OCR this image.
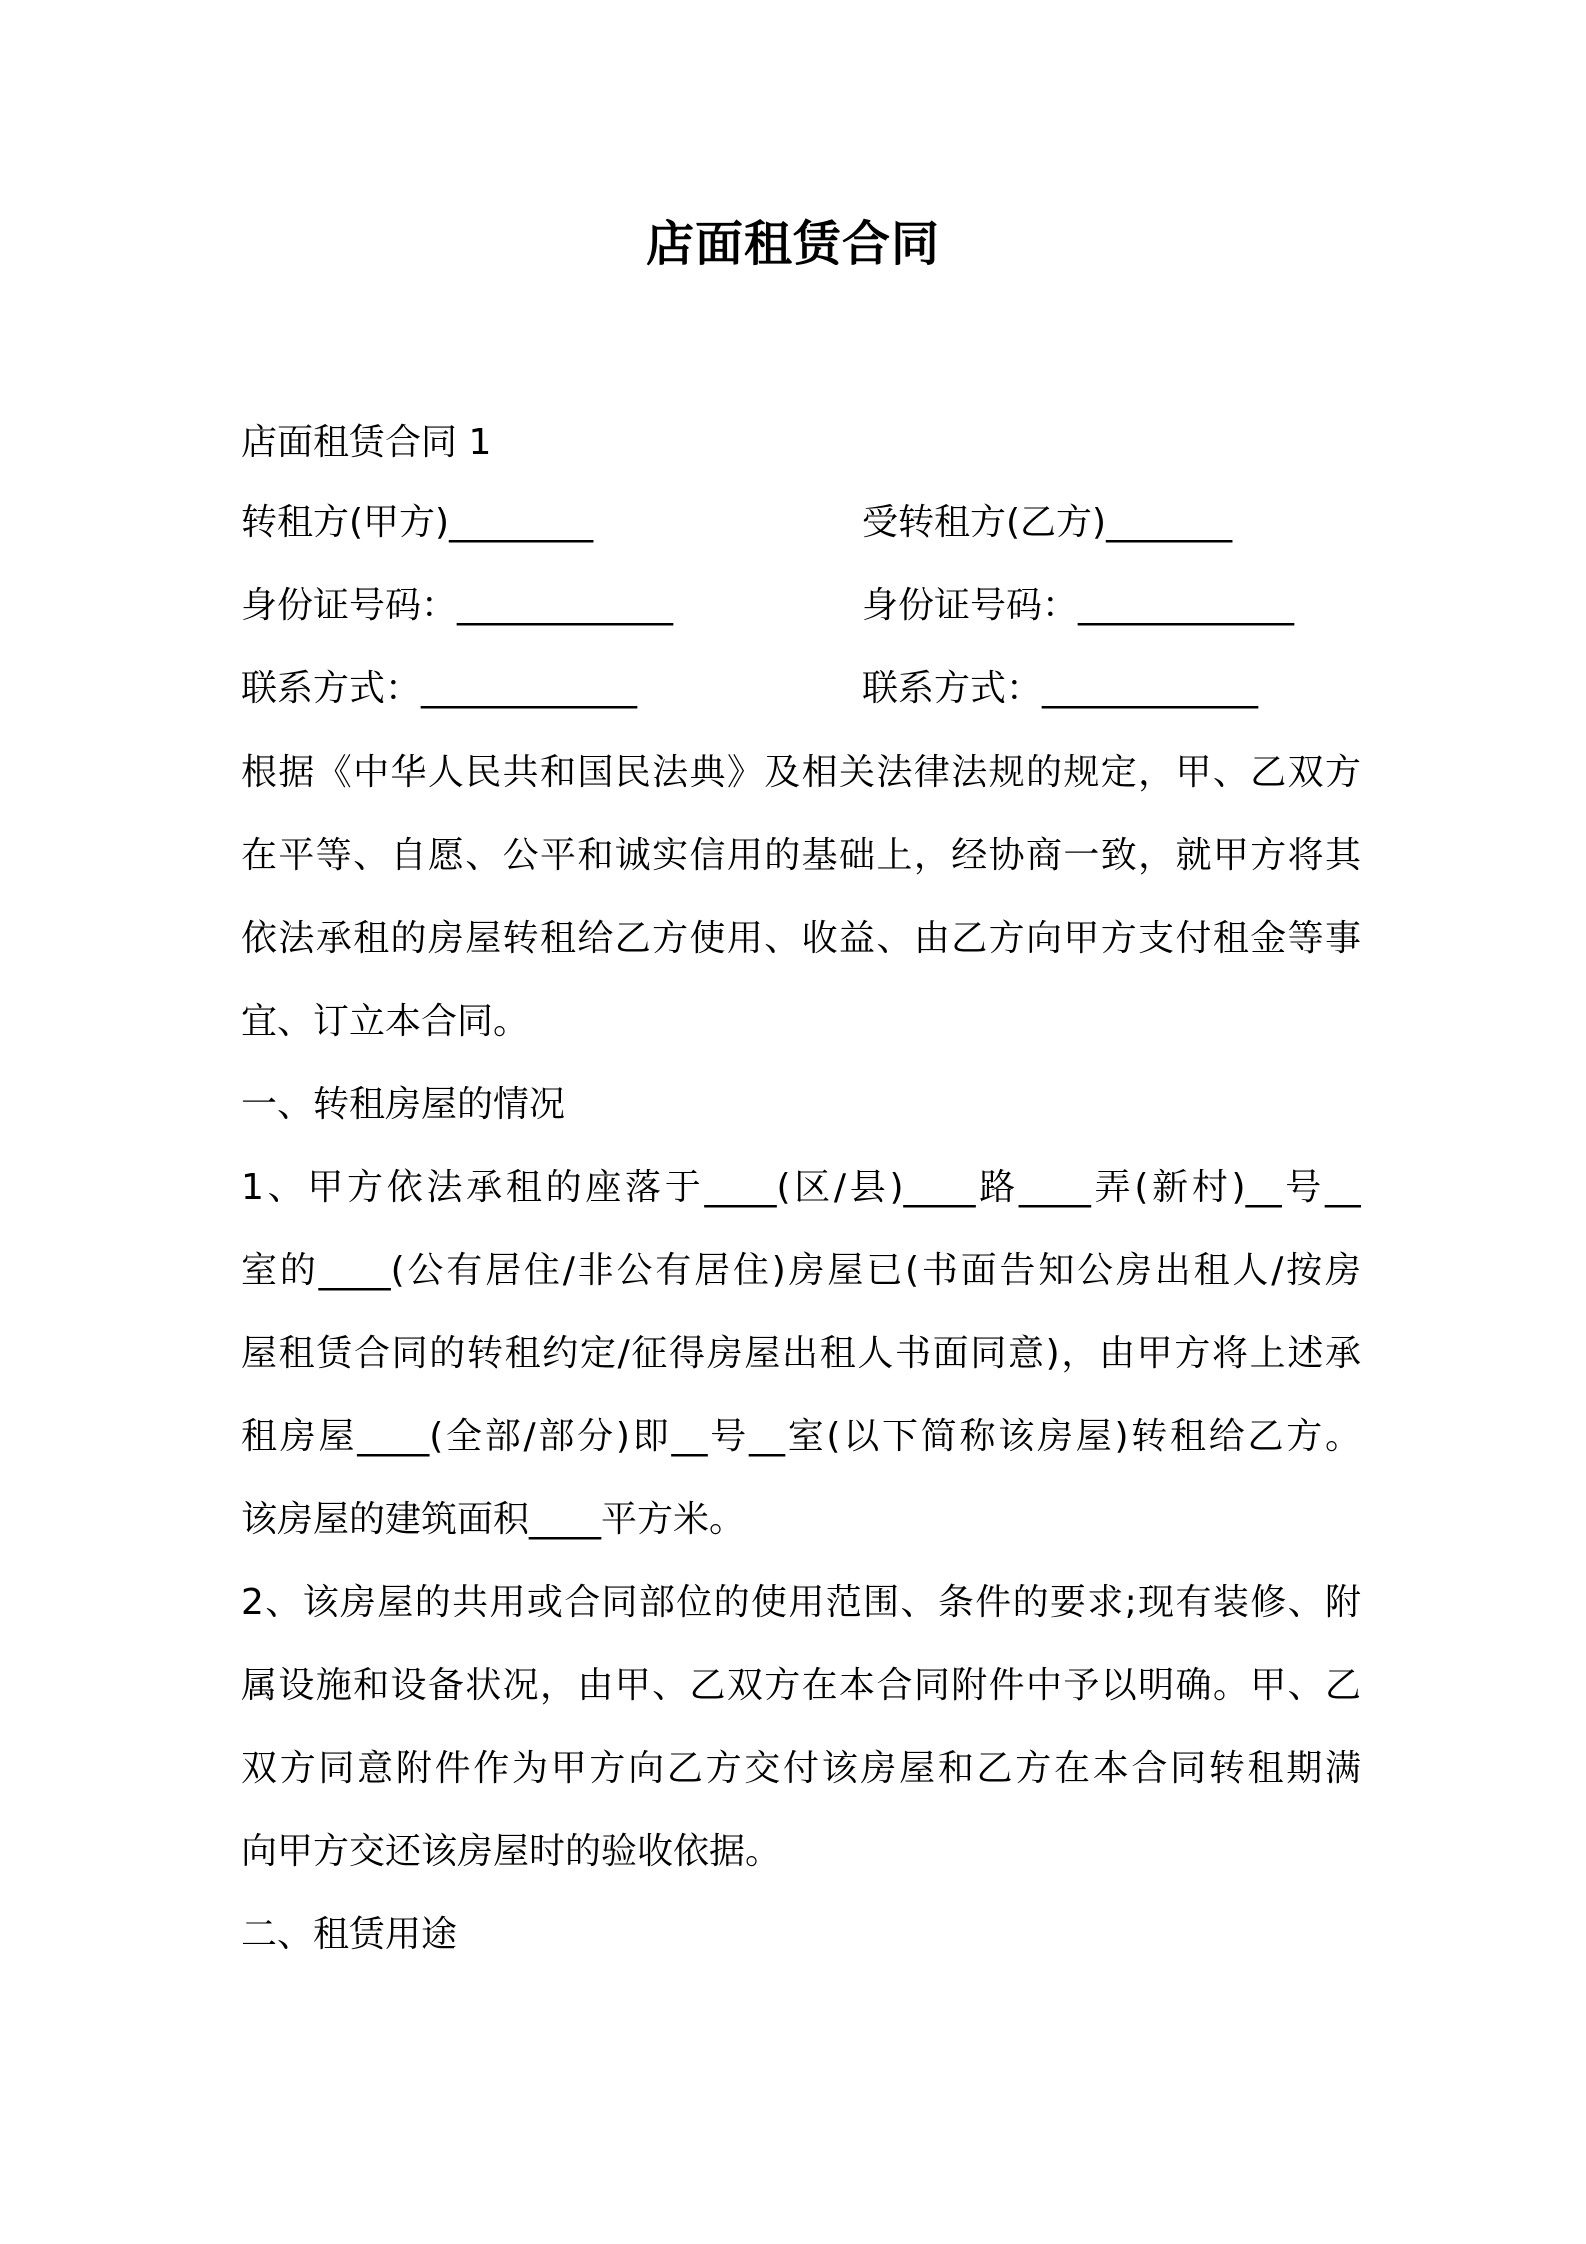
店面租赁合同
店面租赁合同 1
转租方(甲方)________	受转租方(乙方)_______
身份证号码：____________	身份证号码：____________
联系方式：____________	联系方式：____________
根据《中华人民共和国民法典》及相关法律法规的规定，甲、乙双方
在平等、自愿、公平和诚实信用的基础上，经协商一致，就甲方将其
依法承租的房屋转租给乙方使用、收益、由乙方向甲方支付租金等事
宜、订立本合同。
一、转租房屋的情况
1、甲方依法承租的座落于____(区/县)____路____弄(新村)__号__
室的____(公有居住/非公有居住)房屋已(书面告知公房出租人/按房
屋租赁合同的转租约定/征得房屋出租人书面同意)，由甲方将上述承
租房屋____(全部/部分)即__号__室(以下简称该房屋)转租给乙方。
该房屋的建筑面积____平方米。
2、该房屋的共用或合同部位的使用范围、条件的要求;现有装修、附
属设施和设备状况，由甲、乙双方在本合同附件中予以明确。甲、乙
双方同意附件作为甲方向乙方交付该房屋和乙方在本合同转租期满
向甲方交还该房屋时的验收依据。
二、租赁用途
